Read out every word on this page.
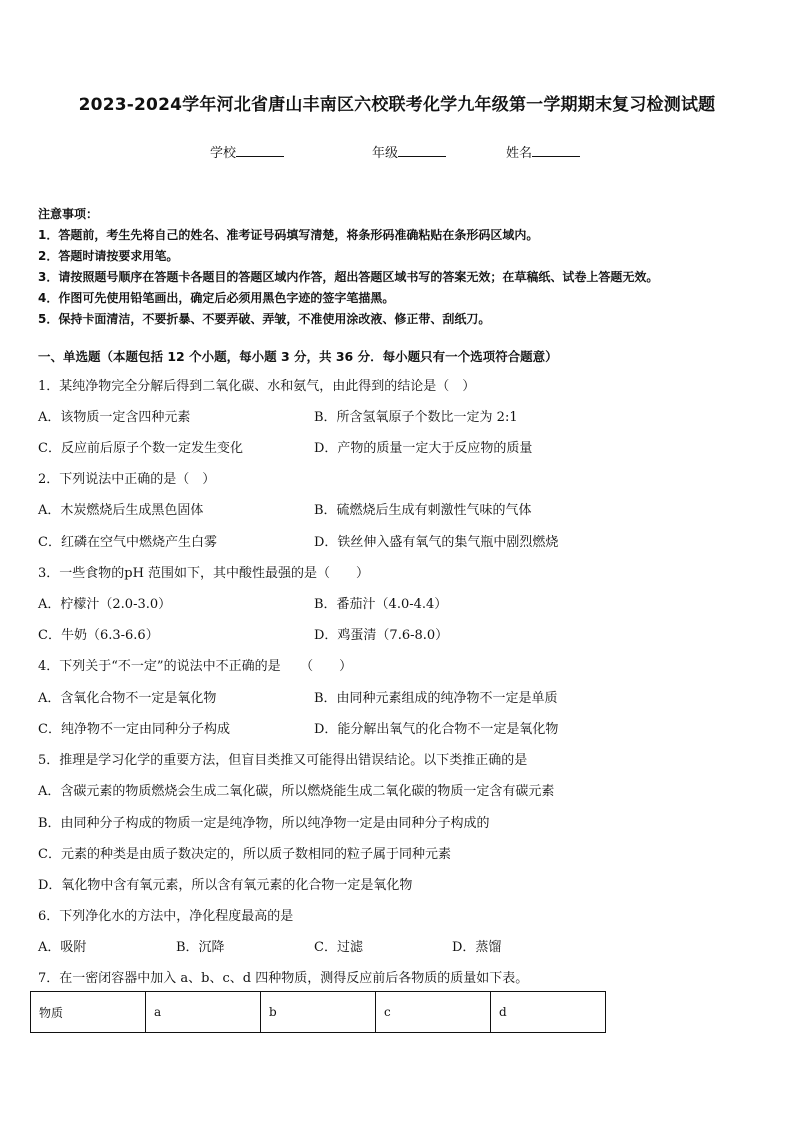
2023-2024学年河北省唐山丰南区六校联考化学九年级第一学期期末复习检测试题
学校	年级	姓名
注意事项：
1．答题前，考生先将自己的姓名、准考证号码填写清楚，将条形码准确粘贴在条形码区域内。
2．答题时请按要求用笔。
3．请按照题号顺序在答题卡各题目的答题区域内作答，超出答题区域书写的答案无效；在草稿纸、试卷上答题无效。
4．作图可先使用铅笔画出，确定后必须用黑色字迹的签字笔描黑。
5．保持卡面清洁，不要折暴、不要弄破、弄皱，不准使用涂改液、修正带、刮纸刀。
一、单选题（本题包括 12 个小题，每小题 3 分，共 36 分．每小题只有一个选项符合题意）
1．某纯净物完全分解后得到二氧化碳、水和氨气，由此得到的结论是（　）
A．该物质一定含四种元素	B．所含氢氧原子个数比一定为 2:1
C．反应前后原子个数一定发生变化	D．产物的质量一定大于反应物的质量
2．下列说法中正确的是（　）
A．木炭燃烧后生成黑色固体	B．硫燃烧后生成有刺激性气味的气体
C．红磷在空气中燃烧产生白雾	D．铁丝伸入盛有氧气的集气瓶中剧烈燃烧
3．一些食物的pH 范围如下，其中酸性最强的是（　　）
A．柠檬汁（2.0-3.0）	B．番茄汁（4.0-4.4）
C．牛奶（6.3-6.6）	D．鸡蛋清（7.6-8.0）
4．下列关于“不一定”的说法中不正确的是　　（　　）
A．含氧化合物不一定是氧化物	B．由同种元素组成的纯净物不一定是单质
C．纯净物不一定由同种分子构成	D．能分解出氧气的化合物不一定是氧化物
5．推理是学习化学的重要方法，但盲目类推又可能得出错误结论。以下类推正确的是
A．含碳元素的物质燃烧会生成二氧化碳，所以燃烧能生成二氧化碳的物质一定含有碳元素
B．由同种分子构成的物质一定是纯净物，所以纯净物一定是由同种分子构成的
C．元素的种类是由质子数决定的，所以质子数相同的粒子属于同种元素
D．氧化物中含有氧元素，所以含有氧元素的化合物一定是氧化物
6．下列净化水的方法中，净化程度最高的是
A．吸附	B．沉降	C．过滤	D．蒸馏
7．在一密闭容器中加入 a、b、c、d 四种物质，测得反应前后各物质的质量如下表。
物质	a	b	c	d
